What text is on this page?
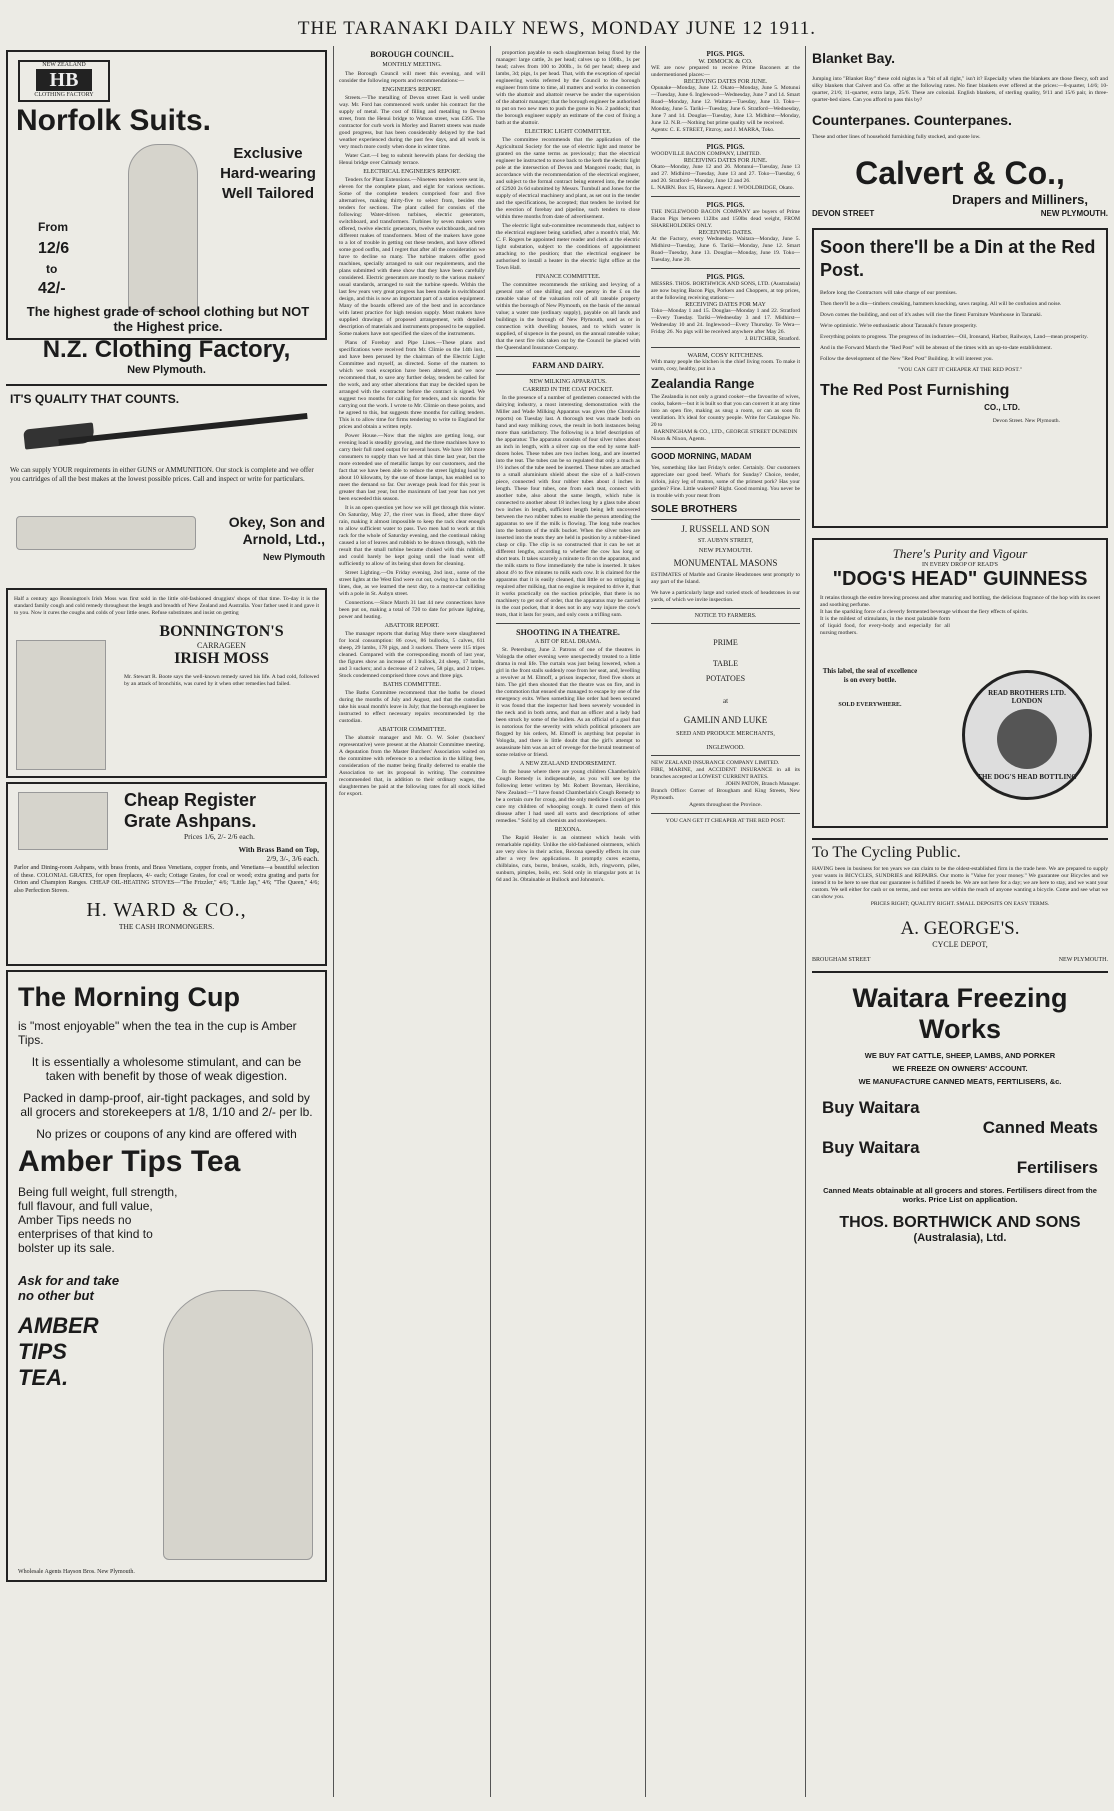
THE TARANAKI DAILY NEWS, MONDAY JUNE 12 1911.
NEW ZEALAND
HB
CLOTHING FACTORY
Norfolk Suits.
Exclusive Hard-wearing Well Tailored
From
12/6
to
42/-
The highest grade of school clothing but NOT the Highest price.
N.Z. Clothing Factory,
New Plymouth.
IT'S QUALITY THAT COUNTS.
We can supply YOUR requirements in either GUNS or AMMUNITION. Our stock is complete and we offer you cartridges of all the best makes at the lowest possible prices. Call and inspect or write for particulars.
Okey, Son and Arnold, Ltd.,
New Plymouth
Half a century ago Bonnington's Irish Moss was first sold in the little old-fashioned druggists' shops of that time. To-day it is the standard family cough and cold remedy throughout the length and breadth of New Zealand and Australia. Your father used it and gave it to you. Now it cures the coughs and colds of your little ones. Refuse substitutes and insist on getting
BONNINGTON'S
CARRAGEEN
IRISH MOSS
Mr. Stewart R. Boote says the well-known remedy saved his life. A bad cold, followed by an attack of bronchitis, was cured by it when other remedies had failed.
Cheap Register
Grate Ashpans.
Prices 1/6, 2/- 2/6 each.
With Brass Band on Top,
2/9, 3/-, 3/6 each.
Parlor and Dining-room Ashpans, with brass fronts, and Brass Venetians, copper fronts, and Venetians—a beautiful selection of these. COLONIAL GRATES, for open fireplaces, 4/- each; Cottage Grates, for coal or wood; extra grating and parts for Orion and Champion Ranges. CHEAP OIL-HEATING STOVES—"The Frizzler," 4/6; "Little Jap," 4/6; "The Queen," 4/6; also Perfection Stoves.
H. WARD & CO.,
THE CASH IRONMONGERS.
The Morning Cup
is "most enjoyable" when the tea in the cup is Amber Tips.
It is essentially a wholesome stimulant, and can be taken with benefit by those of weak digestion.
Packed in damp-proof, air-tight packages, and sold by all grocers and storekeepers at 1/8, 1/10 and 2/- per lb.
No prizes or coupons of any kind are offered with
Amber Tips Tea
Being full weight, full strength, full flavour, and full value, Amber Tips needs no enterprises of that kind to bolster up its sale.
Ask for and take no other but
AMBER
TIPS
TEA.
Wholesale Agents Hayson Bros. New Plymouth.
BOROUGH COUNCIL.
MONTHLY MEETING.

The Borough Council will meet this evening, and will consider the following reports and recommendations:—

ENGINEER'S REPORT.

Streets.—The metalling of Devon street East is well under way. Mr. Ford has commenced work under his contract for the supply of metal. The cost of filling and metalling to Devon street, from the Henui bridge to Watson street, was £395. The contractor for curb work in Morley and Barrett streets was made good progress, but has been considerably delayed by the bad weather experienced during the past few days, and all work is very much more costly when done in winter time.

Water Cart.—I beg to submit herewith plans for decking the Henui bridge over Calmady terrace.

ELECTRICAL ENGINEER'S REPORT.

Tenders for Plant Extensions.—Nineteen tenders were sent in, eleven for the complete plant, and eight for various sections. Some of the complete tenders comprised four and five alternatives, making thirty-five to select from, besides the tenders for sections. The plant called for consists of the following: Water-driven turbines, electric generators, switchboard, and transformers. Turbines by seven makers were offered, twelve electric generators, twelve switchboards, and ten different makes of transformers. Most of the makers have gone to a lot of trouble in getting out these tenders, and have offered some good outfits, and I regret that after all the consideration we have to decline so many. The turbine makers offer good machines, specially arranged to suit our requirements, and the plans submitted with these show that they have been carefully considered. Electric generators are mostly to the various makers' usual standards, arranged to suit the turbine speeds. Within the last few years very great progress has been made in switchboard design, and this is now an important part of a station equipment. Many of the boards offered are of the best and in accordance with latest practice for high tension supply. Most makers have supplied drawings of proposed arrangement, with detailed description of materials and instruments proposed to be supplied. Some makers have not specified the sizes of the instruments.

Plans of Forebay and Pipe Lines.—These plans and specifications were received from Mr. Climie on the 14th inst., and have been perused by the chairman of the Electric Light Committee and myself, as directed. Some of the matters to which we took exception have been altered, and we now recommend that, to save any further delay, tenders be called for the work, and any other alterations that may be decided upon be arranged with the contractor before the contract is signed. We suggest two months for calling for tenders, and six months for carrying out the work. I wrote to Mr. Climie on these points, and he agreed to this, but suggests three months for calling tenders. This is to allow time for firms tendering to write to England for prices and obtain a written reply.

Power House.—Now that the nights are getting long, our evening load is steadily growing, and the three machines have to carry their full rated output for several hours. We have 100 more consumers to supply than we had at this time last year, but the more extended use of metallic lamps by our customers, and the fact that we have been able to reduce the street lighting load by about 10 kilowatts, by the use of those lamps, has enabled us to meet the demand so far. Our average peak load for this year is greater than last year, but the maximum of last year has not yet been exceeded this season.

It is an open question yet how we will get through this winter. On Saturday, May 27, the river was in flood, after three days' rain, making it almost impossible to keep the rack clear enough to allow sufficient water to pass. Two men had to work at this rack for the whole of Saturday evening, and the continual raking caused a lot of leaves and rubbish to be drawn through, with the result that the small turbine became choked with this rubbish, and could barely be kept going until the load went off sufficiently to allow of its being shut down for cleaning.

Street Lighting.—On Friday evening, 2nd inst., some of the street lights at the West End were cut out, owing to a fault on the lines, due, as we learned the next day, to a motor-car colliding with a pole in St. Aubyn street.

Connections.—Since March 31 last 44 new connections have been put on, making a total of 720 to date for private lighting, power and heating.

ABATTOIR REPORT.

The manager reports that during May there were slaughtered for local consumption: 86 cows, 86 bullocks, 5 calves, 611 sheep, 29 lambs, 178 pigs, and 3 suckers. There were 115 tripes cleaned. Compared with the corresponding month of last year, the figures show an increase of 1 bullock, 24 sheep, 17 lambs, and 3 suckers; and a decrease of 2 calves, 58 pigs, and 2 tripes. Stock condemned comprised three cows and three pigs.

BATHS COMMITTEE.

The Baths Committee recommend that the baths be closed during the months of July and August, and that the custodian take his usual month's leave in July; that the borough engineer be instructed to effect necessary repairs recommended by the custodian.

ABATTOIR COMMITTEE.

The abattoir manager and Mr. O. W. Soler (butchers' representative) were present at the Abattoir Committee meeting. A deputation from the Master Butchers' Association waited on the committee with reference to a reduction in the killing fees, consideration of the matter being finally deferred to enable the Association to set its proposal in writing. The committee recommended that, in addition to their ordinary wages, the slaughtermen be paid at the following rates for all stock killed for export.

proportion payable to each slaughterman being fixed by the manager: large cattle, 2s per head; calves up to 100lb., 1s per head; calves from 100 to 200lb., 1s 6d per head; sheep and lambs, 3d; pigs, 1s per head. That, with the exception of special engineering works referred by the Council to the borough engineer from time to time, all matters and works in connection with the abattoir and abattoir reserve be under the supervision of the abattoir manager; that the borough engineer be authorised to put on two new men to push the gorse in No. 2 paddock; that the borough engineer supply an estimate of the cost of fixing a bath at the abattoir.

ELECTRIC LIGHT COMMITTEE.

The committee recommends that the application of the Agricultural Society for the use of electric light and motor be granted on the same terms as previously; that the electrical engineer be instructed to move back to the kerb the electric light pole at the intersection of Devon and Mangorei roads; that, in accordance with the recommendation of the electrical engineer, and subject to the formal contract being entered into, the tender of £2920 2s 6d submitted by Messrs. Turnbull and Jones for the supply of electrical machinery and plant, as set out in the tender and the specifications, be accepted; that tenders be invited for the erection of forebay and pipeline, such tenders to close within three months from date of advertisement.

The electric light sub-committee recommends that, subject to the electrical engineer being satisfied, after a month's trial, Mr. C. F. Rogers be appointed meter reader and clerk at the electric light substation, subject to the conditions of appointment attaching to the position; that the electrical engineer be authorised to install a heater in the electric light office at the Town Hall.

FINANCE COMMITTEE.

The committee recommends the striking and levying of a general rate of one shilling and one penny in the £ on the rateable value of the valuation roll of all rateable property within the borough of New Plymouth, on the basis of the annual value; a water rate (ordinary supply), payable on all lands and buildings in the borough of New Plymouth, used as or in connection with dwelling houses, and to which water is supplied, of sixpence in the pound, on the annual rateable value; that the next fire risk taken out by the Council be placed with the Queensland Insurance Company.

FARM AND DAIRY.
NEW MILKING APPARATUS.
CARRIED IN THE COAT POCKET.

In the presence of a number of gentlemen connected with the dairying industry, a most interesting demonstration with the Miller and Wade Milking Apparatus was given (the Chronicle reports) on Tuesday last. A thorough test was made both on hand and easy milking cows, the result in both instances being more than satisfactory. The following is a brief description of the apparatus: The apparatus consists of four silver tubes about an inch in length, with a silver cap on the end by some half-dozen holes. These tubes are two inches long, and are inserted into the teat. The tubes can be so regulated that only a much as 1½ inches of the tube need be inserted. These tubes are attached to a small aluminium shield about the size of a half-crown piece, connected with four rubber tubes about 4 inches in length. These four tubes, one from each teat, connect with another tube, also about the same length, which tube is connected to another about 18 inches long by a glass tube about two inches in length, sufficient length being left uncovered between the two rubber tubes to enable the person attending the apparatus to see if the milk is flowing. The long tube reaches into the bottom of the milk bucket. When the silver tubes are inserted into the teats they are held in position by a rubber-lined clasp or clip. The clip is so constructed that it can be set at different lengths, according to whether the cow has long or short teats. It takes scarcely a minute to fit on the apparatus, and the milk starts to flow immediately the tube is inserted. It takes about 4½ to five minutes to milk each cow. It is claimed for the apparatus that it is easily cleaned, that little or no stripping is required after milking, that no engine is required to drive it, that it works practically on the suction principle, that there is no machinery to get out of order, that the apparatus may be carried in the coat pocket, that it does not in any way injure the cow's teats, that it lasts for years, and only costs a trifling sum.

SHOOTING IN A THEATRE.
A BIT OF REAL DRAMA.

St. Petersburg, June 2. Patrons of one of the theatres in Vologda the other evening were unexpectedly treated to a little drama in real life. The curtain was just being lowered, when a girl in the front stalls suddenly rose from her seat, and, levelling a revolver at M. Elmoff, a prison inspector, fired five shots at him. The girl then shouted that the theatre was on fire, and in the commotion that ensued she managed to escape by one of the emergency exits. When something like order had been secured it was found that the inspector had been severely wounded in the neck and in both arms, and that an officer and a lady had been struck by some of the bullets. As an official of a gaol that is notorious for the severity with which political prisoners are flogged by his orders, M. Elmoff is anything but popular in Vologda, and there is little doubt that the girl's attempt to assassinate him was an act of revenge for the brutal treatment of some relative or friend.

A NEW ZEALAND ENDORSEMENT.

In the house where there are young children Chamberlain's Cough Remedy is indispensable, as you will see by the following letter written by Mr. Robert Bowman, Hercikino, New Zealand:—"I have found Chamberlain's Cough Remedy to be a certain cure for croup, and the only medicine I could get to cure my children of whooping cough. It cured them of this disease after I had used all sorts and descriptions of other remedies." Sold by all chemists and storekeepers.

REXONA.

The Rapid Healer is an ointment which heals with remarkable rapidity. Unlike the old-fashioned ointments, which are very slow in their action, Rexona speedily effects its cure after a very few applications. It promptly cures eczema, chilblains, cuts, burns, bruises, scalds, itch, ringworm, piles, sunburn, pimples, boils, etc. Sold only in triangular pots at 1s 6d and 3s. Obtainable at Bullock and Johnston's.

PIGS. PIGS.
W. DIMOCK & CO.
WE are now prepared to receive Prime Baconers at the undermentioned places:—
RECEIVING DATES FOR JUNE.
Opunake—Monday, June 12. Okato—Monday, June 5. Motunui—Tuesday, June 6. Inglewood—Wednesday, June 7 and 14. Smart Road—Monday, June 12. Waitara—Tuesday, June 13. Toko—Monday, June 5. Tariki—Tuesday, June 6. Stratford—Wednesday, June 7 and 14. Douglas—Tuesday, June 13. Midhirst—Monday, June 12. N.B.—Nothing but prime quality will be received.
Agents: C. E. STREET, Fitzroy, and J. MARRA, Toko.
PIGS. PIGS.
WOODVILLE BACON COMPANY, LIMITED.
RECEIVING DATES FOR JUNE.
Okato—Monday, June 12 and 26. Motunui—Tuesday, June 13 and 27. Midhirst—Tuesday, June 13 and 27. Toko—Tuesday, 6 and 20. Stratford—Monday, June 12 and 26.
L. NAIRN. Box 15, Hawera. Agent: J. WOOLDRIDGE, Okato.
PIGS. PIGS.
THE INGLEWOOD BACON COMPANY are buyers of Prime Bacon Pigs between 112lbs and 150lbs dead weight, FROM SHAREHOLDERS ONLY.
RECEIVING DATES.
At the Factory, every Wednesday. Waitara—Monday, June 5. Midhirst—Tuesday, June 6. Tariki—Monday, June 12. Smart Road—Tuesday, June 13. Douglas—Monday, June 19. Toko—Tuesday, June 20.
PIGS. PIGS.
MESSRS. THOS. BORTHWICK AND SONS, LTD. (Australasia) are now buying Bacon Pigs, Porkers and Choppers, at top prices, at the following receiving stations:—
RECEIVING DATES FOR MAY
Toko—Monday 1 and 15. Douglas—Monday 1 and 22. Stratford—Every Tuesday. Tariki—Wednesday 3 and 17. Midhirst—Wednesday 10 and 24. Inglewood—Every Thursday. Te Wera—Friday 26. No pigs will be received anywhere after May 26.
J. BUTCHER, Stratford.
WARM, COSY KITCHENS.
With many people the kitchen is the chief living room. To make it warm, cosy, healthy, put in a
Zealandia Range
The Zealandia is not only a grand cooker—the favourite of wives, cooks, bakers—but it is built so that you can convert it at any time into an open fire, making as snug a room, or can as soon fit ventilation. It's ideal for country people. Write for Catalogue No. 20 to
BARNINGHAM & CO., LTD., GEORGE STREET DUNEDIN
Nixon & Nixon, Agents.
GOOD MORNING, MADAM
Yes, something like last Friday's order. Certainly. Our customers appreciate our good beef. What's for Sunday? Choice, tender, sirloin, juicy leg of mutton, some of the primest pork? Has your garden? Fine. Little wakerel? Right. Good morning. You never be in trouble with your meat from
SOLE BROTHERS
J. RUSSELL AND SON
ST. AUBYN STREET,
NEW PLYMOUTH.
MONUMENTAL MASONS
ESTIMATES of Marble and Granite Headstones sent promptly to any part of the Island.
We have a particularly large and varied stock of headstones in our yards, of which we invite inspection.
NOTICE TO FARMERS.
PRIME
TABLE
POTATOES
at
GAMLIN AND LUKE
SEED AND PRODUCE MERCHANTS,
INGLEWOOD.
NEW ZEALAND INSURANCE COMPANY LIMITED.
FIRE, MARINE, and ACCIDENT INSURANCE in all its branches accepted at LOWEST CURRENT RATES.
JOHN PATON, Branch Manager.
Branch Office: Corner of Brougham and King Streets, New Plymouth.
Agents throughout the Province.
YOU CAN GET IT CHEAPER AT THE RED POST.
Blanket Bay.
Jumping into "Blanket Bay" these cold nights is a "bit of all right," isn't it? Especially when the blankets are those fleecy, soft and silky blankets that Calvert and Co. offer at the following rates. No finer blankets ever offered at the prices:—8-quarter, 14/6; 10-quarter, 21/6; 11-quarter, extra large, 25/6. These are colonial. English blankets, of sterling quality, 9/11 and 15/6 pair, in three-quarter-bed sizes. Can you afford to pass this by?
Counterpanes. Counterpanes.
These and other lines of household furnishing fully stocked, and quote low.
Calvert & Co.,
Drapers and Milliners,
DEVON STREET	NEW PLYMOUTH.
Soon there'll be a Din at the Red Post.
Before long the Contractors will take charge of our premises.
Then there'll be a din—timbers creaking, hammers knocking, saws rasping. All will be confusion and noise.
Down comes the building, and out of it's ashes will rise the finest Furniture Warehouse in Taranaki.
We're optimistic. We're enthusiastic about Taranaki's future prosperity.
Everything points to progress. The progress of its industries—Oil, Ironsand, Harbor, Railways, Land—mean prosperity.
And in the Forward March the "Red Post" will be abreast of the times with an up-to-date establishment.
Follow the development of the New "Red Post" Building. It will interest you.
"YOU CAN GET IT CHEAPER AT THE RED POST."
The Red Post Furnishing
CO., LTD.
Devon Street. New Plymouth.
There's Purity and Vigour
IN EVERY DROP OF READ'S
"DOG'S HEAD" GUINNESS
It retains through the entire brewing process and after maturing and bottling, the delicious fragrance of the hop with its sweet and soothing perfume.
It has the sparkling force of a cleverly fermented beverage without the fiery effects of spirits.
It is the mildest of stimulants, in the most palatable form of liquid food, for every-body and especially for all nursing mothers.
This label, the seal of excellence is on every bottle.
SOLD EVERYWHERE.
READ BROTHERS LTD. LONDON
THE DOG'S HEAD BOTTLING
To The Cycling Public.
HAVING been in business for ten years we can claim to be the oldest-established firm in the trade here. We are prepared to supply your wants in BICYCLES, SUNDRIES and REPAIRS. Our motto is "Value for your money." We guarantee our Bicycles and we intend it to be here to see that our guarantee is fulfilled if needs be. We are not here for a day; we are here to stay, and we want your custom. We sell either for cash or on terms, and our terms are within the reach of anyone wanting a bicycle. Come and see what we can show you.
PRICES RIGHT; QUALITY RIGHT. SMALL DEPOSITS ON EASY TERMS.
A. GEORGE'S.
CYCLE DEPOT,
BROUGHAM STREET	NEW PLYMOUTH.
Waitara Freezing
Works
WE BUY FAT CATTLE, SHEEP, LAMBS, AND PORKER
WE FREEZE ON OWNERS' ACCOUNT.
WE MANUFACTURE CANNED MEATS, FERTILISERS, &c.
Buy Waitara
Canned Meats
Buy Waitara
Fertilisers
Canned Meats obtainable at all grocers and stores. Fertilisers direct from the works. Price List on application.
THOS. BORTHWICK AND SONS
(Australasia), Ltd.
